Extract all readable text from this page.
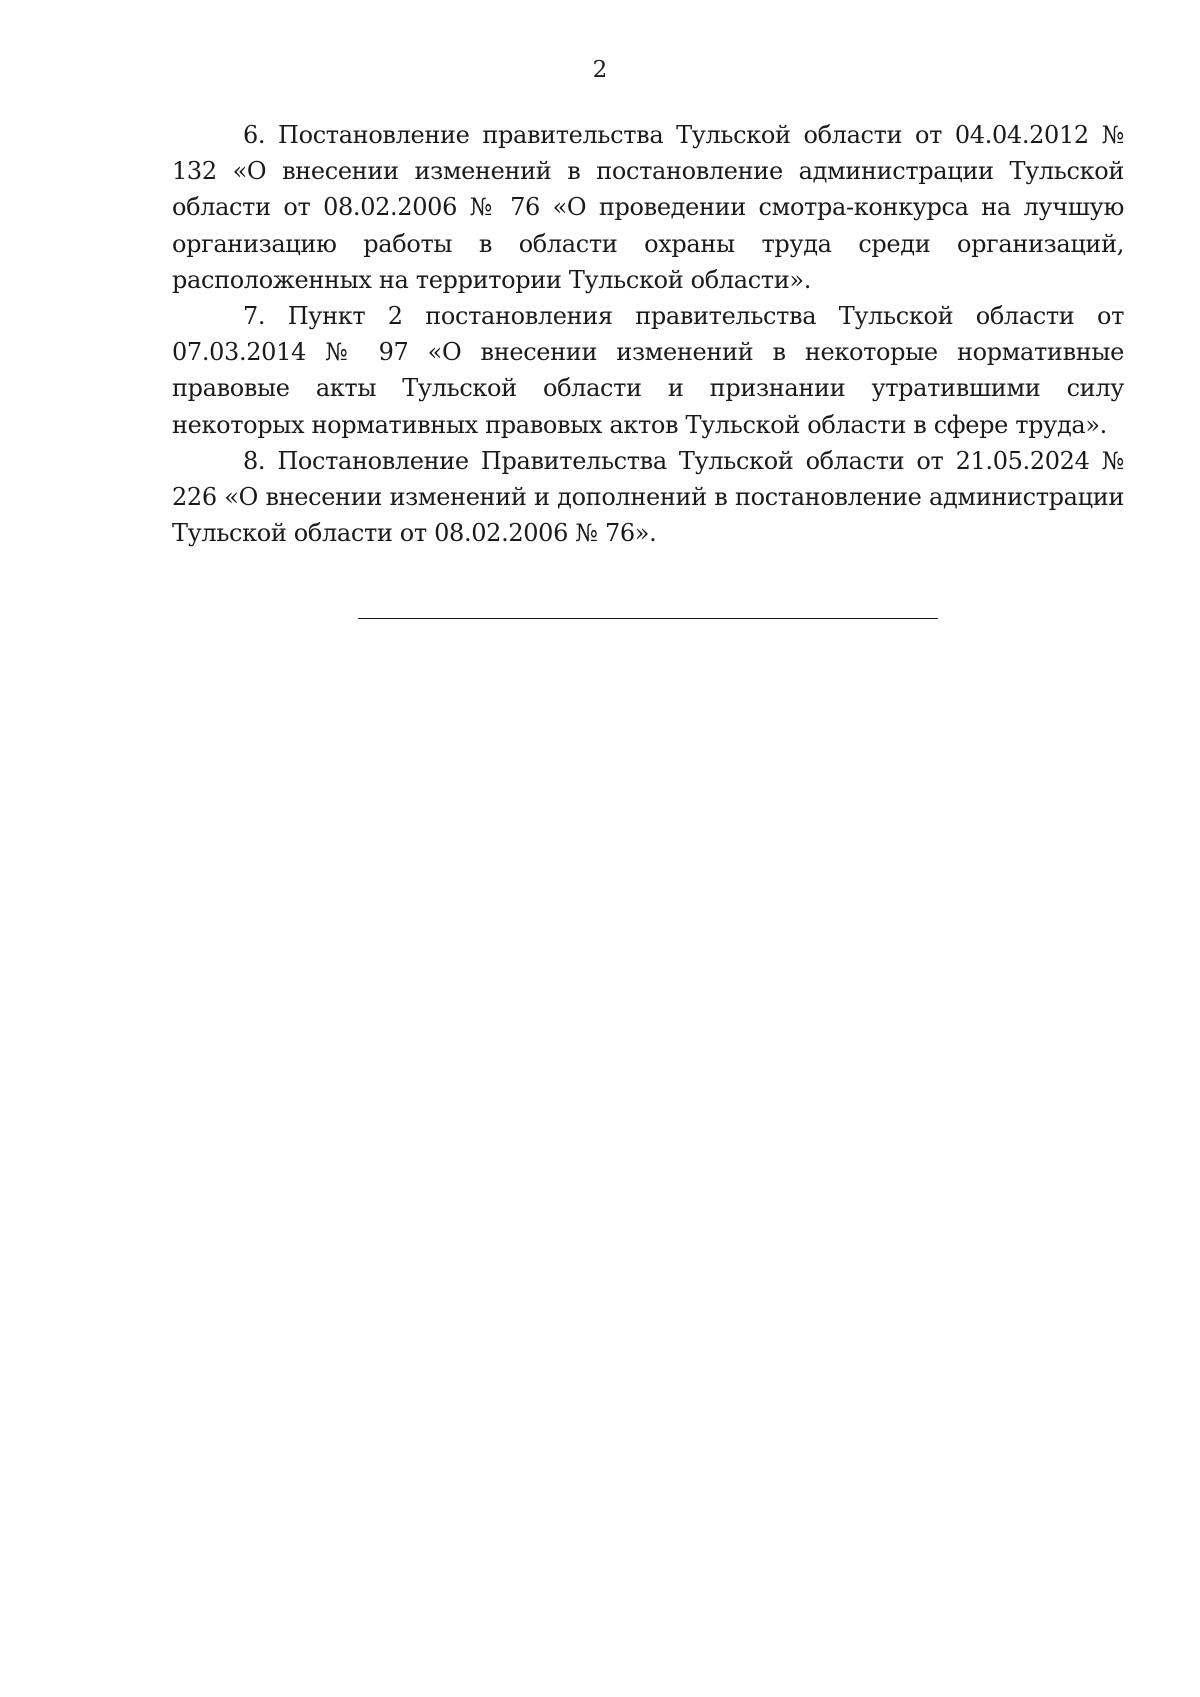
2

6. Постановление правительства Тульской области от 04.04.2012 № 132 «О внесении изменений в постановление администрации Тульской области от 08.02.2006 № 76 «О проведении смотра-конкурса на лучшую организацию работы в области охраны труда среди организаций, расположенных на территории Тульской области».

7. Пункт 2 постановления правительства Тульской области от 07.03.2014 № 97 «О внесении изменений в некоторые нормативные правовые акты Тульской области и признании утратившими силу некоторых нормативных правовых актов Тульской области в сфере труда».

8. Постановление Правительства Тульской области от 21.05.2024 № 226 «О внесении изменений и дополнений в постановление администрации Тульской области от 08.02.2006 № 76».
